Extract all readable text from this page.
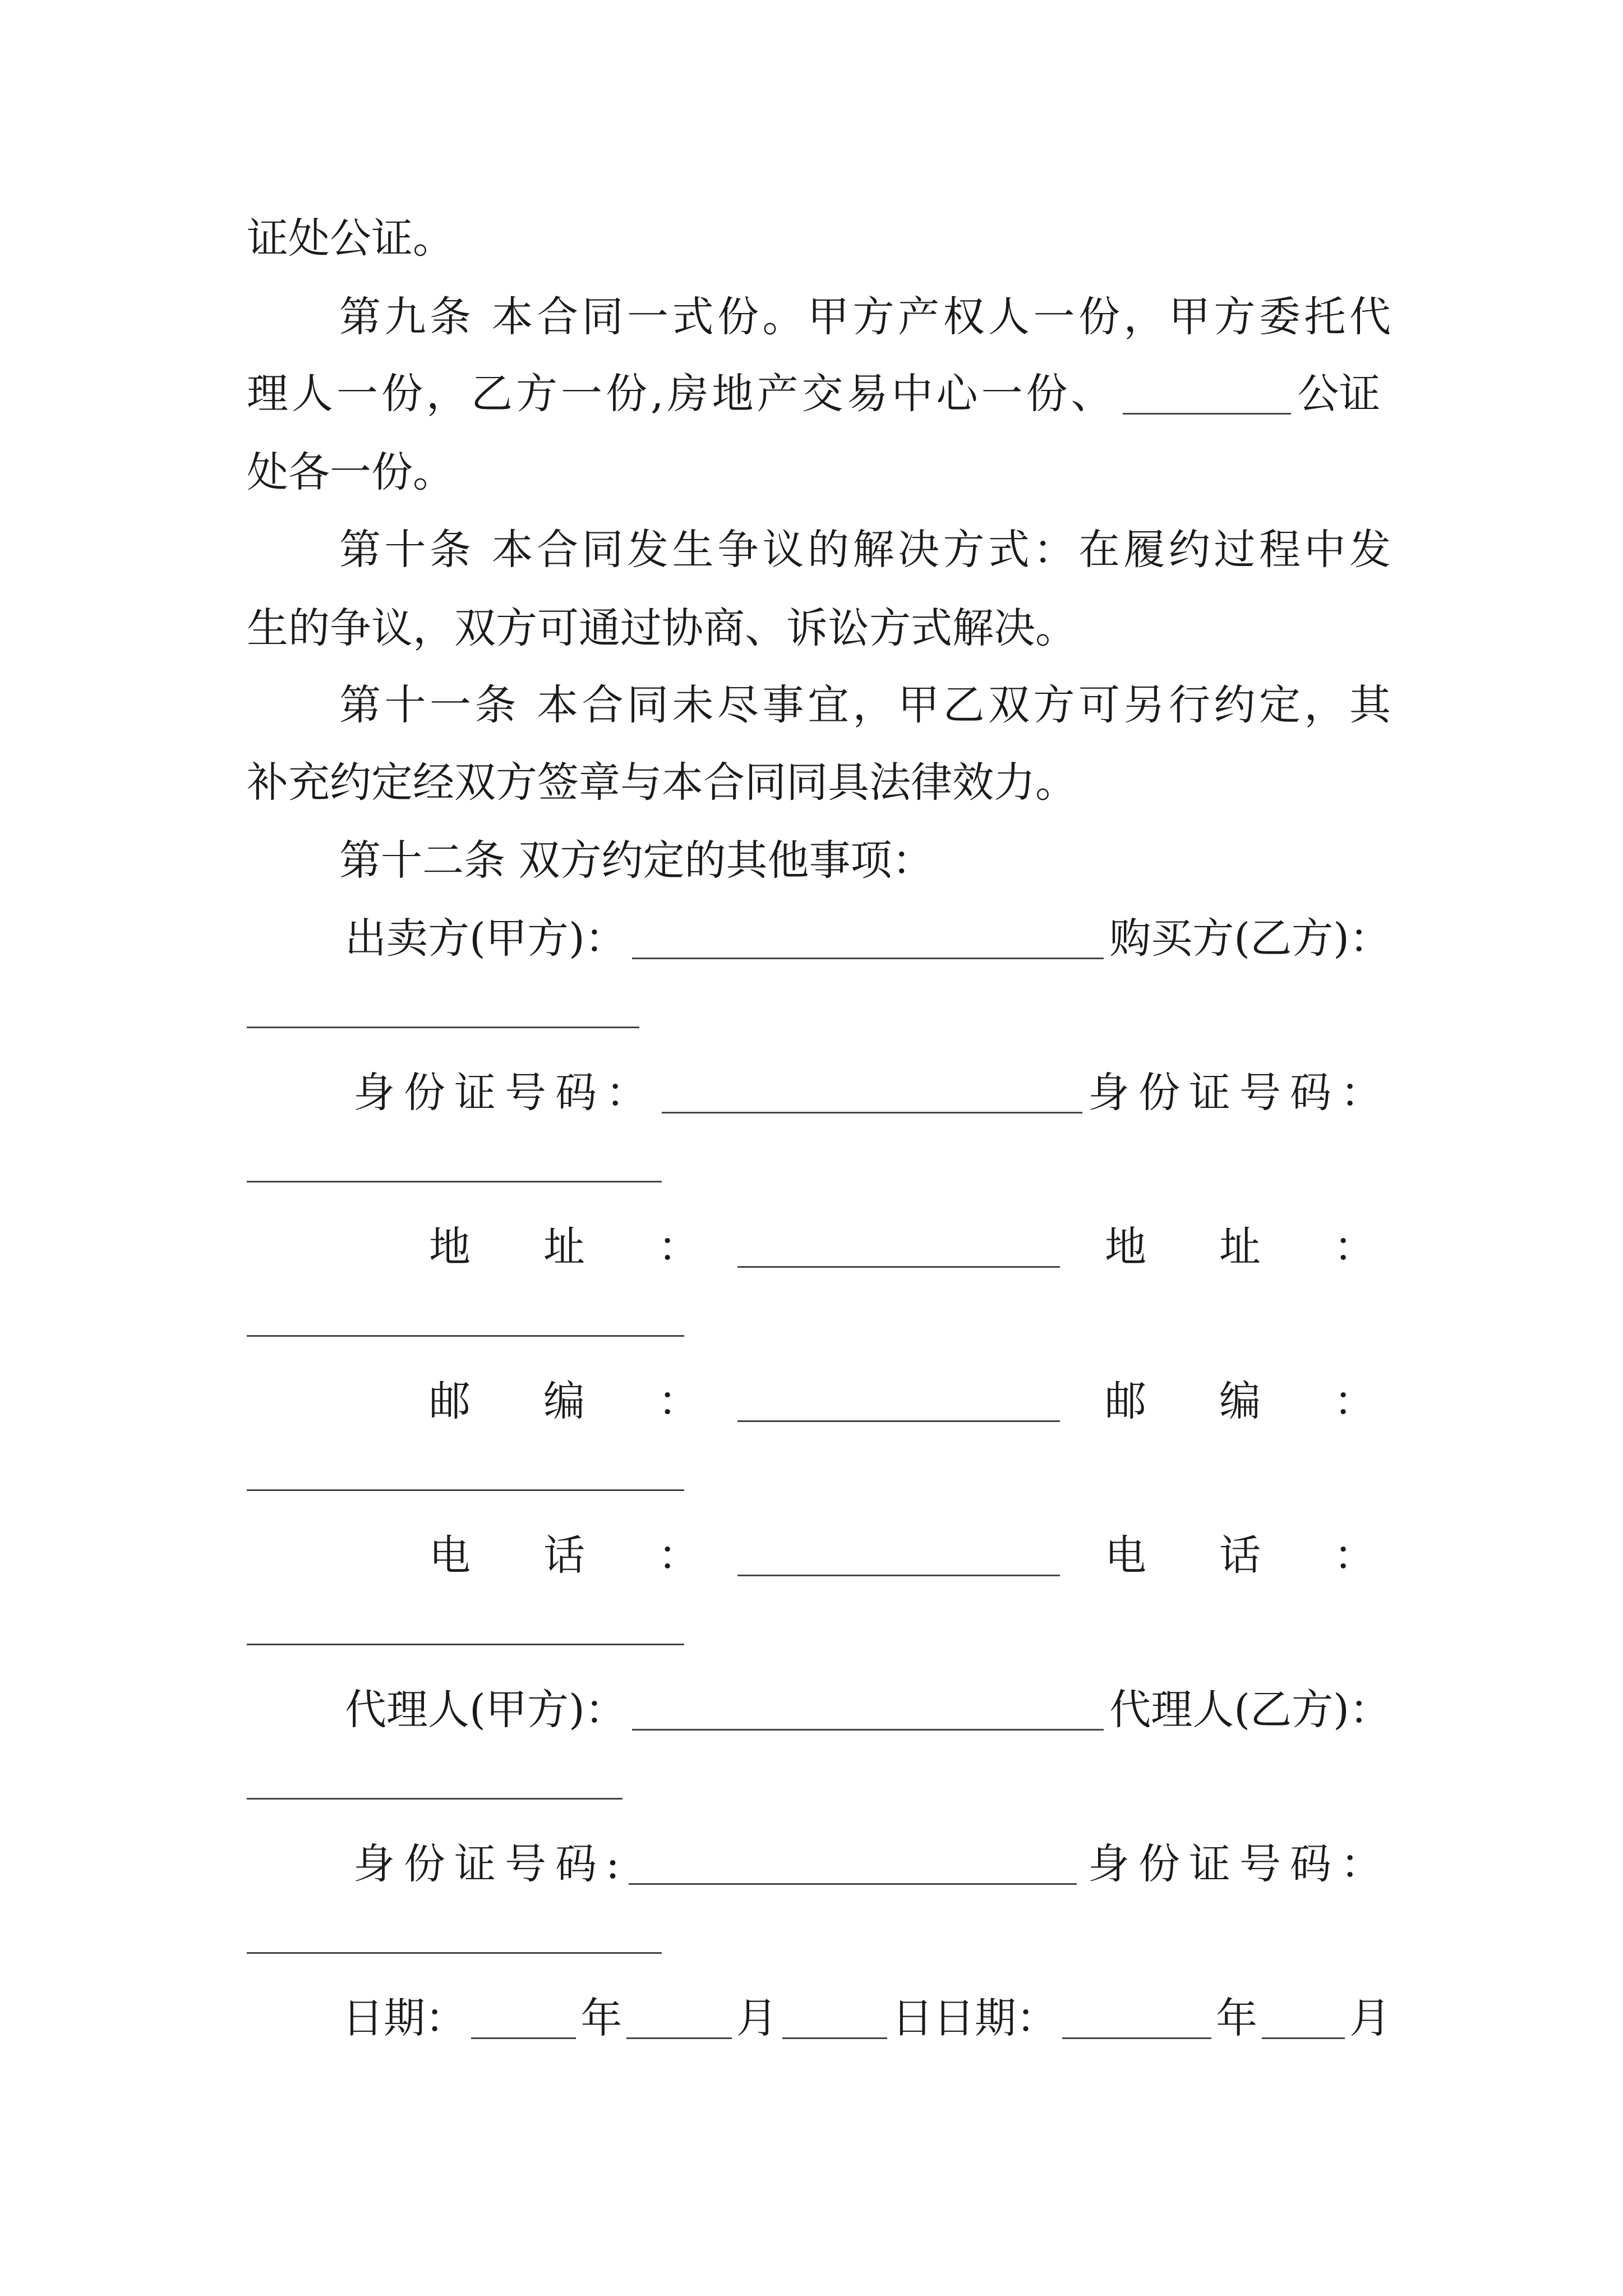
证处公证。
第九条 本合同一式份。甲方产权人一份，甲方委托代
理人一份，乙方一份,房地产交易中心一份、	公证
处各一份。
第十条 本合同发生争议的解决方式：在履约过程中发
生的争议，双方可通过协商、诉讼方式解决。
第十一条 本合同未尽事宜，甲乙双方可另行约定，其
补充约定经双方签章与本合同同具法律效力。
第十二条 双方约定的其他事项：
出卖方(甲方)：	购买方(乙方)：
身份证号码：	身份证号码：
地　址　：	地　址　：
邮　编　：	邮　编　：
电　话　：	电　话　：
代理人(甲方)：	代理人(乙方)：
身份证号码:	身份证号码：
日期：	年	月	日日期：	年 月
